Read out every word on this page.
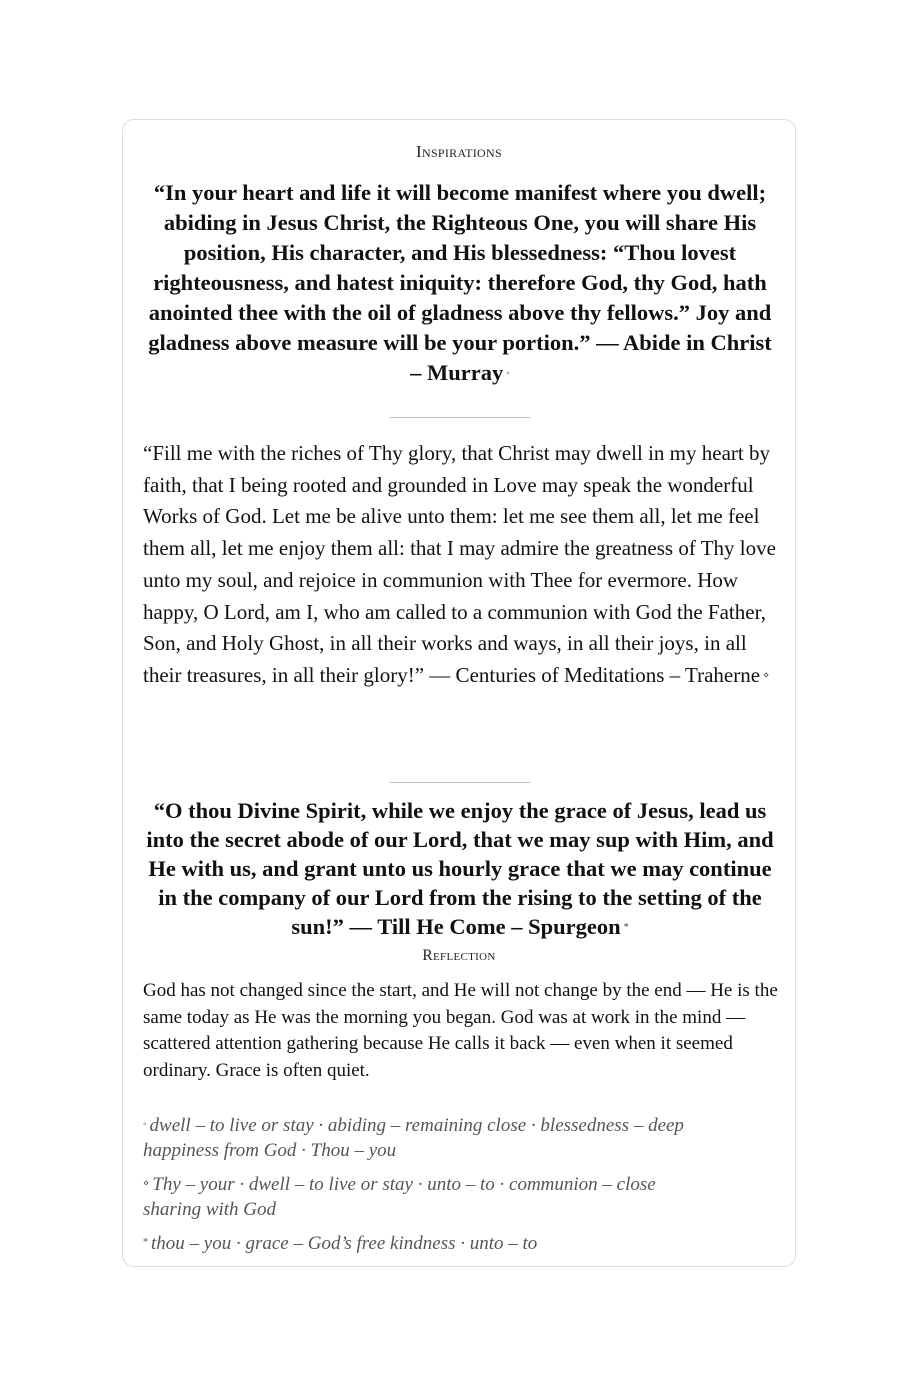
Inspirations
“In your heart and life it will become manifest where you dwell; abiding in Jesus Christ, the Righteous One, you will share His position, His character, and His blessedness: “Thou lovest righteousness, and hatest iniquity: therefore God, thy God, hath anointed thee with the oil of gladness above thy fellows.” Joy and gladness above measure will be your portion.” — Abide in Christ – Murray ◦
“Fill me with the riches of Thy glory, that Christ may dwell in my heart by faith, that I being rooted and grounded in Love may speak the wonderful Works of God. Let me be alive unto them: let me see them all, let me feel them all, let me enjoy them all: that I may admire the greatness of Thy love unto my soul, and rejoice in communion with Thee for evermore. How happy, O Lord, am I, who am called to a communion with God the Father, Son, and Holy Ghost, in all their works and ways, in all their joys, in all their treasures, in all their glory!” — Centuries of Meditations – Traherne ⋄
“O thou Divine Spirit, while we enjoy the grace of Jesus, lead us into the secret abode of our Lord, that we may sup with Him, and He with us, and grant unto us hourly grace that we may continue in the company of our Lord from the rising to the setting of the sun!” — Till He Come – Spurgeon *
Reflection
God has not changed since the start, and He will not change by the end — He is the same today as He was the morning you began. God was at work in the mind — scattered attention gathering because He calls it back — even when it seemed ordinary. Grace is often quiet.
◦ dwell – to live or stay · abiding – remaining close · blessedness – deep happiness from God · Thou – you
⋄ Thy – your · dwell – to live or stay · unto – to · communion – close sharing with God
* thou – you · grace – God’s free kindness · unto – to
